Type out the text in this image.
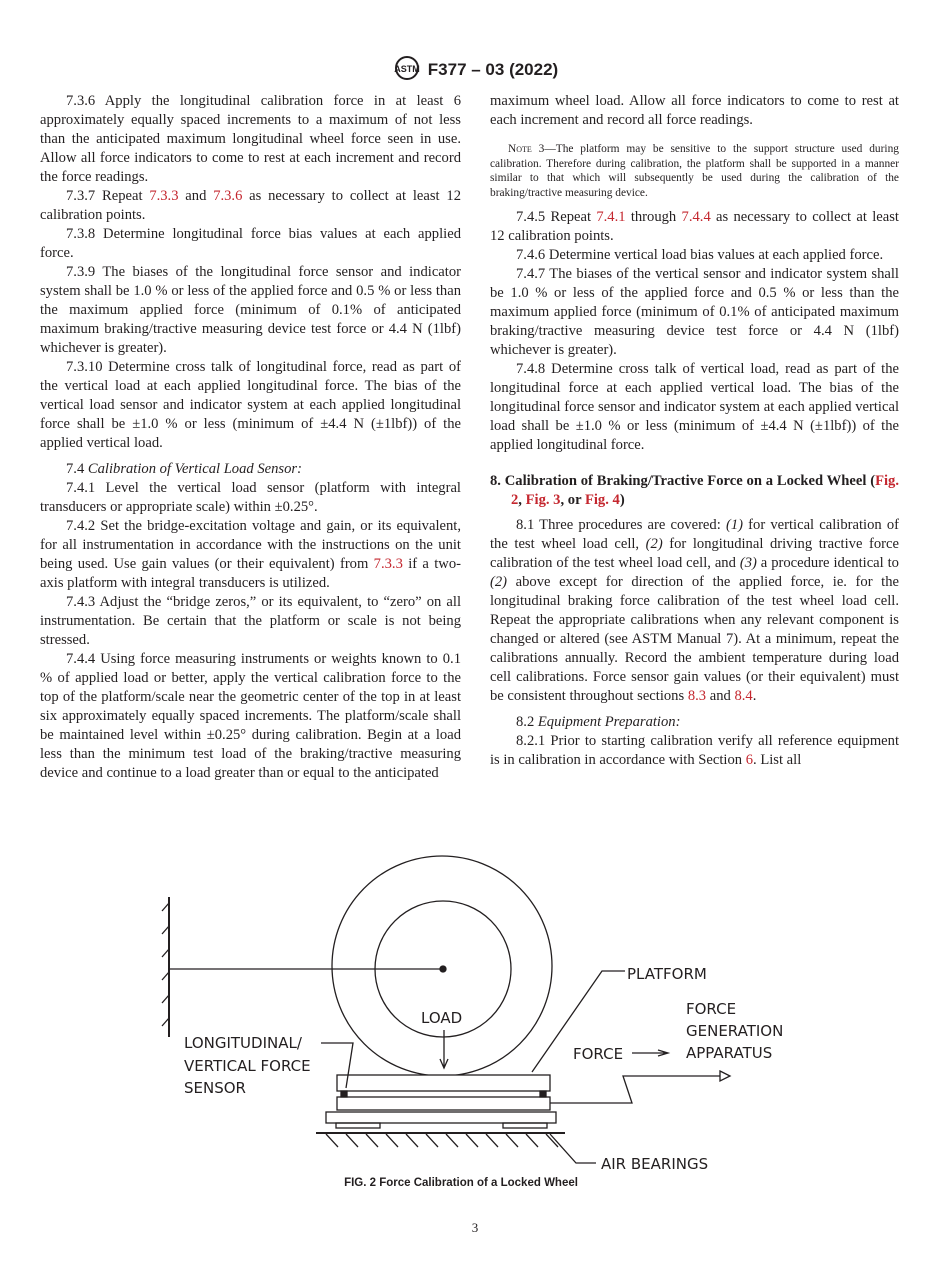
ASTM F377 – 03 (2022)

7.3.6 Apply the longitudinal calibration force in at least 6 approximately equally spaced increments to a maximum of not less than the anticipated maximum longitudinal wheel force seen in use. Allow all force indicators to come to rest at each increment and record the force readings.

7.3.7 Repeat 7.3.3 and 7.3.6 as necessary to collect at least 12 calibration points.

7.3.8 Determine longitudinal force bias values at each applied force.

7.3.9 The biases of the longitudinal force sensor and indicator system shall be 1.0 % or less of the applied force and 0.5 % or less than the maximum applied force (minimum of 0.1% of anticipated maximum braking/tractive measuring device test force or 4.4 N (1lbf) whichever is greater).

7.3.10 Determine cross talk of longitudinal force, read as part of the vertical load at each applied longitudinal force. The bias of the vertical load sensor and indicator system at each applied longitudinal force shall be ±1.0 % or less (minimum of ±4.4 N (±1lbf)) of the applied vertical load.

7.4 Calibration of Vertical Load Sensor:

7.4.1 Level the vertical load sensor (platform with integral transducers or appropriate scale) within ±0.25°.

7.4.2 Set the bridge-excitation voltage and gain, or its equivalent, for all instrumentation in accordance with the instructions on the unit being used. Use gain values (or their equivalent) from 7.3.3 if a two-axis platform with integral transducers is utilized.

7.4.3 Adjust the “bridge zeros,” or its equivalent, to “zero” on all instrumentation. Be certain that the platform or scale is not being stressed.

7.4.4 Using force measuring instruments or weights known to 0.1 % of applied load or better, apply the vertical calibration force to the top of the platform/scale near the geometric center of the top in at least six approximately equally spaced increments. The platform/scale shall be maintained level within ±0.25° during calibration. Begin at a load less than the minimum test load of the braking/tractive measuring device and continue to a load greater than or equal to the anticipated

maximum wheel load. Allow all force indicators to come to rest at each increment and record all force readings.

Note 3—The platform may be sensitive to the support structure used during calibration. Therefore during calibration, the platform shall be supported in a manner similar to that which will subsequently be used during the calibration of the braking/tractive measuring device.

7.4.5 Repeat 7.4.1 through 7.4.4 as necessary to collect at least 12 calibration points.

7.4.6 Determine vertical load bias values at each applied force.

7.4.7 The biases of the vertical sensor and indicator system shall be 1.0 % or less of the applied force and 0.5 % or less than the maximum applied force (minimum of 0.1% of anticipated maximum braking/tractive measuring device test force or 4.4 N (1lbf) whichever is greater).

7.4.8 Determine cross talk of vertical load, read as part of the longitudinal force at each applied vertical load. The bias of the longitudinal force sensor and indicator system at each applied vertical load shall be ±1.0 % or less (minimum of ±4.4 N (±1lbf)) of the applied longitudinal force.

8. Calibration of Braking/Tractive Force on a Locked Wheel (Fig. 2, Fig. 3, or Fig. 4)

8.1 Three procedures are covered: (1) for vertical calibration of the test wheel load cell, (2) for longitudinal driving tractive force calibration of the test wheel load cell, and (3) a procedure identical to (2) above except for direction of the applied force, ie. for the longitudinal braking force calibration of the test wheel load cell. Repeat the appropriate calibrations when any relevant component is changed or altered (see ASTM Manual 7). At a minimum, repeat the calibrations annually. Record the ambient temperature during load cell calibrations. Force sensor gain values (or their equivalent) must be consistent throughout sections 8.3 and 8.4.

8.2 Equipment Preparation:

8.2.1 Prior to starting calibration verify all reference equipment is in calibration in accordance with Section 6. List all

PLATFORM
FORCE
GENERATION
APPARATUS
FORCE
LOAD
LONGITUDINAL/
VERTICAL FORCE
SENSOR
AIR BEARINGS
FIG. 2 Force Calibration of a Locked Wheel
3
